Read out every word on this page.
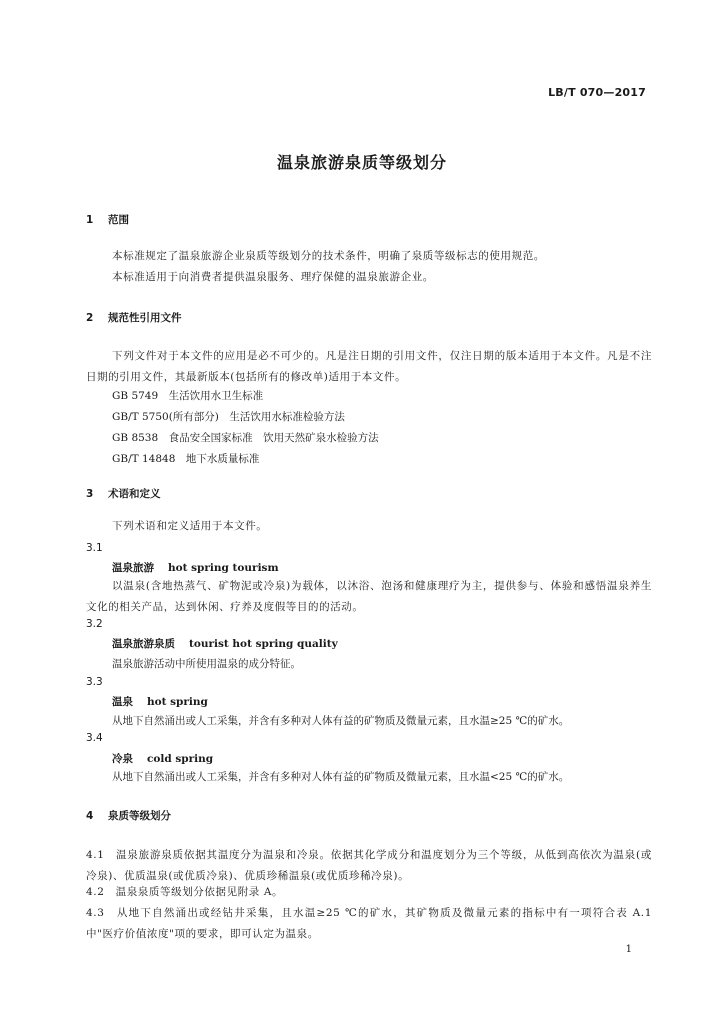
LB/T 070—2017
温泉旅游泉质等级划分
1 范围
本标准规定了温泉旅游企业泉质等级划分的技术条件，明确了泉质等级标志的使用规范。
本标准适用于向消费者提供温泉服务、理疗保健的温泉旅游企业。
2 规范性引用文件
下列文件对于本文件的应用是必不可少的。凡是注日期的引用文件，仅注日期的版本适用于本文件。凡是不注日期的引用文件，其最新版本(包括所有的修改单)适用于本文件。
GB 5749　生活饮用水卫生标准
GB/T 5750(所有部分)　生活饮用水标准检验方法
GB 8538　食品安全国家标准　饮用天然矿泉水检验方法
GB/T 14848　地下水质量标准
3 术语和定义
下列术语和定义适用于本文件。
3.1
温泉旅游 hot spring tourism
以温泉(含地热蒸气、矿物泥或冷泉)为载体，以沐浴、泡汤和健康理疗为主，提供参与、体验和感悟温泉养生文化的相关产品，达到休闲、疗养及度假等目的的活动。
3.2
温泉旅游泉质 tourist hot spring quality
温泉旅游活动中所使用温泉的成分特征。
3.3
温泉 hot spring
从地下自然涌出或人工采集，并含有多种对人体有益的矿物质及微量元素，且水温≥25 ℃的矿水。
3.4
冷泉 cold spring
从地下自然涌出或人工采集，并含有多种对人体有益的矿物质及微量元素，且水温<25 ℃的矿水。
4 泉质等级划分
4.1　温泉旅游泉质依据其温度分为温泉和冷泉。依据其化学成分和温度划分为三个等级，从低到高依次为温泉(或冷泉)、优质温泉(或优质冷泉)、优质珍稀温泉(或优质珍稀冷泉)。
4.2　温泉泉质等级划分依据见附录 A。
4.3　从地下自然涌出或经钻井采集，且水温≥25 ℃的矿水，其矿物质及微量元素的指标中有一项符合表 A.1 中"医疗价值浓度"项的要求，即可认定为温泉。
1
